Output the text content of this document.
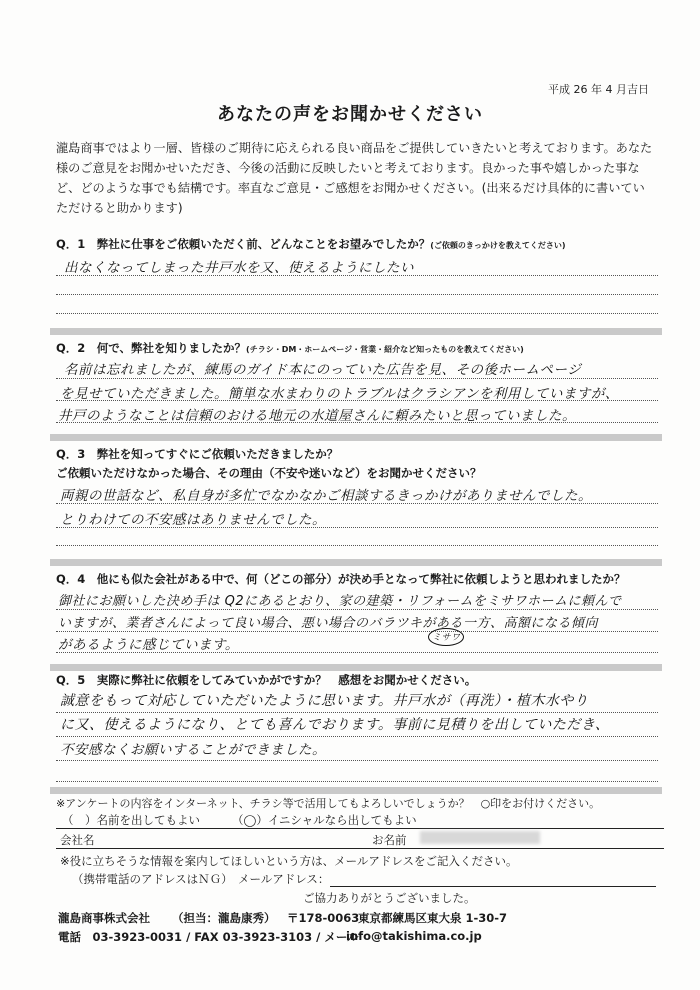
平成 26 年 4 月吉日
あなたの声をお聞かせください
瀧島商事ではより一層、皆様のご期待に応えられる良い商品をご提供していきたいと考えております。あなた様のご意見をお聞かせいただき、今後の活動に反映したいと考えております。良かった事や嬉しかった事など、どのような事でも結構です。率直なご意見・ご感想をお聞かせください。(出来るだけ具体的に書いていただけると助かります)
Q．1　弊社に仕事をご依頼いただく前、どんなことをお望みでしたか？(ご依頼のきっかけを教えてください)
出なくなってしまった井戸水を又、使えるようにしたい
Q．2　何で、弊社を知りましたか？(チラシ・DM・ホームページ・営業・紹介など知ったものを教えてください)
名前は忘れましたが、練馬のガイド本にのっていた広告を見、その後ホームページ
を見せていただきました。簡単な水まわりのトラブルはクラシアンを利用していますが、
井戸のようなことは信頼のおける地元の水道屋さんに頼みたいと思っていました。
Q．3　弊社を知ってすぐにご依頼いただきましたか？
ご依頼いただけなかった場合、その理由（不安や迷いなど）をお聞かせください？
両親の世話など、私自身が多忙でなかなかご相談するきっかけがありませんでした。
とりわけての不安感はありませんでした。
Q．4　他にも似た会社がある中で、何（どこの部分）が決め手となって弊社に依頼しようと思われましたか？
御社にお願いした決め手は Q2にあるとおり、家の建築・リフォームをミサワホームに頼んで
いますが、業者さんによって良い場合、悪い場合のバラツキがある一方、高額になる傾向
があるように感じています。	ミサワ
Q．5　実際に弊社に依頼をしてみていかがですか？　感想をお聞かせください。
誠意をもって対応していただいたように思います。井戸水が（再洗）・植木水やり
に又、使えるようになり、とても喜んでおります。事前に見積りを出していただき、
不安感なくお願いすることができました。
※アンケートの内容をインターネット、チラシ等で活用してもよろしいでしょうか？　○印をお付けください。
（　）名前を出してもよい	（◯）イニシャルなら出してもよい
会社名	お名前
※役に立ちそうな情報を案内してほしいという方は、メールアドレスをご記入ください。
（携帯電話のアドレスはＮＧ） メールアドレス：
ご協力ありがとうございました。
瀧島商事株式会社 （担当：瀧島康秀） 〒178-0063
東京都練馬区東大泉 1-30-7
電話　03-3923-0031 / FAX 03-3923-3103 / メール
info@takishima.co.jp
